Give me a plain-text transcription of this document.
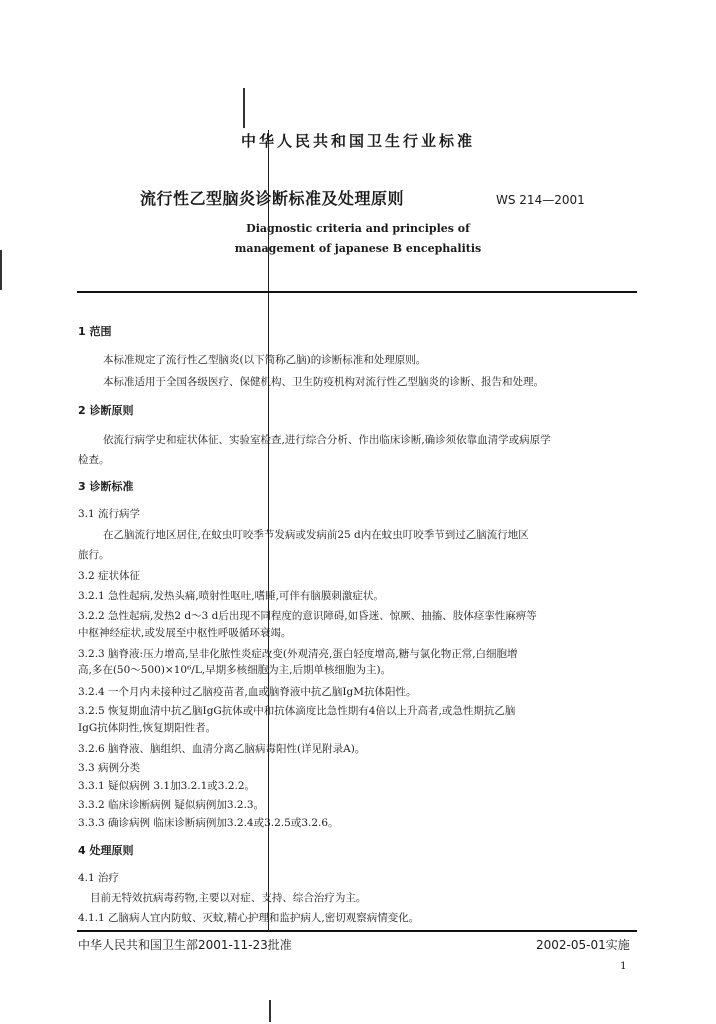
中华人民共和国卫生行业标准
流行性乙型脑炎诊断标准及处理原则	WS 214—2001
Diagnostic criteria and principles of
management of japanese B encephalitis
1 范围
本标准规定了流行性乙型脑炎(以下简称乙脑)的诊断标准和处理原则。
本标准适用于全国各级医疗、保健机构、卫生防疫机构对流行性乙型脑炎的诊断、报告和处理。
2 诊断原则
依流行病学史和症状体征、实验室检查,进行综合分析、作出临床诊断,确诊须依靠血清学或病原学
检查。
3 诊断标准
3.1 流行病学
在乙脑流行地区居住,在蚊虫叮咬季节发病或发病前25 d内在蚊虫叮咬季节到过乙脑流行地区
旅行。
3.2 症状体征
3.2.1 急性起病,发热头痛,喷射性呕吐,嗜睡,可伴有脑膜刺激症状。
3.2.2 急性起病,发热2 d～3 d后出现不同程度的意识障碍,如昏迷、惊厥、抽搐、肢体痉挛性麻痹等
中枢神经症状,或发展至中枢性呼吸循环衰竭。
3.2.3 脑脊液:压力增高,呈非化脓性炎症改变(外观清亮,蛋白轻度增高,糖与氯化物正常,白细胞增
高,多在(50～500)×10⁶/L,早期多核细胞为主,后期单核细胞为主)。
3.2.4 一个月内未接种过乙脑疫苗者,血或脑脊液中抗乙脑IgM抗体阳性。
3.2.5 恢复期血清中抗乙脑IgG抗体或中和抗体滴度比急性期有4倍以上升高者,或急性期抗乙脑
IgG抗体阴性,恢复期阳性者。
3.2.6 脑脊液、脑组织、血清分离乙脑病毒阳性(详见附录A)。
3.3 病例分类
3.3.1 疑似病例 3.1加3.2.1或3.2.2。
3.3.2 临床诊断病例 疑似病例加3.2.3。
3.3.3 确诊病例 临床诊断病例加3.2.4或3.2.5或3.2.6。
4 处理原则
4.1 治疗
目前无特效抗病毒药物,主要以对症、支持、综合治疗为主。
4.1.1 乙脑病人宜内防蚊、灭蚊,精心护理和监护病人,密切观察病情变化。
中华人民共和国卫生部2001-11-23批准	2002-05-01实施
1
